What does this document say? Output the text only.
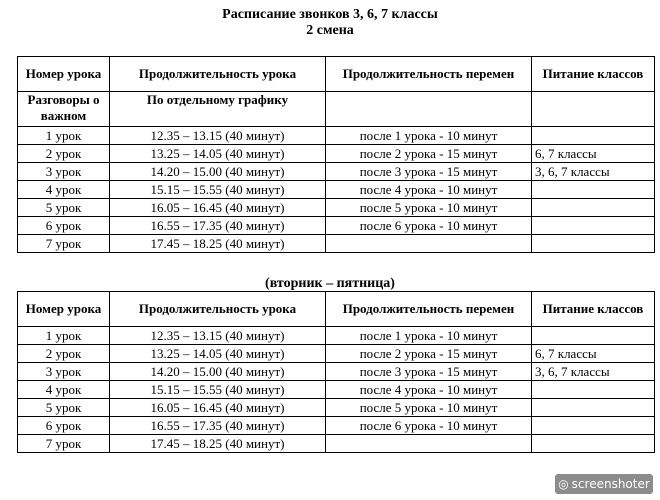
Расписание звонков 3, 6, 7 классы
2 смена
Номер урока	Продолжительность урока	Продолжительность перемен	Питание классов
Разговоры о важном	По отдельному графику		
1 урок	12.35 – 13.15 (40 минут)	после 1 урока - 10 минут	
2 урок	13.25 – 14.05 (40 минут)	после 2 урока - 15 минут	6, 7 классы
3 урок	14.20 – 15.00 (40 минут)	после 3 урока - 15 минут	3, 6, 7 классы
4 урок	15.15 – 15.55 (40 минут)	после 4 урока - 10 минут	
5 урок	16.05 – 16.45 (40 минут)	после 5 урока - 10 минут	
6 урок	16.55 – 17.35 (40 минут)	после 6 урока - 10 минут	
7 урок	17.45 – 18.25 (40 минут)		
(вторник – пятница)
Номер урока	Продолжительность урока	Продолжительность перемен	Питание классов
1 урок	12.35 – 13.15 (40 минут)	после 1 урока - 10 минут	
2 урок	13.25 – 14.05 (40 минут)	после 2 урока - 15 минут	6, 7 классы
3 урок	14.20 – 15.00 (40 минут)	после 3 урока - 15 минут	3, 6, 7 классы
4 урок	15.15 – 15.55 (40 минут)	после 4 урока - 10 минут	
5 урок	16.05 – 16.45 (40 минут)	после 5 урока - 10 минут	
6 урок	16.55 – 17.35 (40 минут)	после 6 урока - 10 минут	
7 урок	17.45 – 18.25 (40 минут)		
◎ screenshoter
